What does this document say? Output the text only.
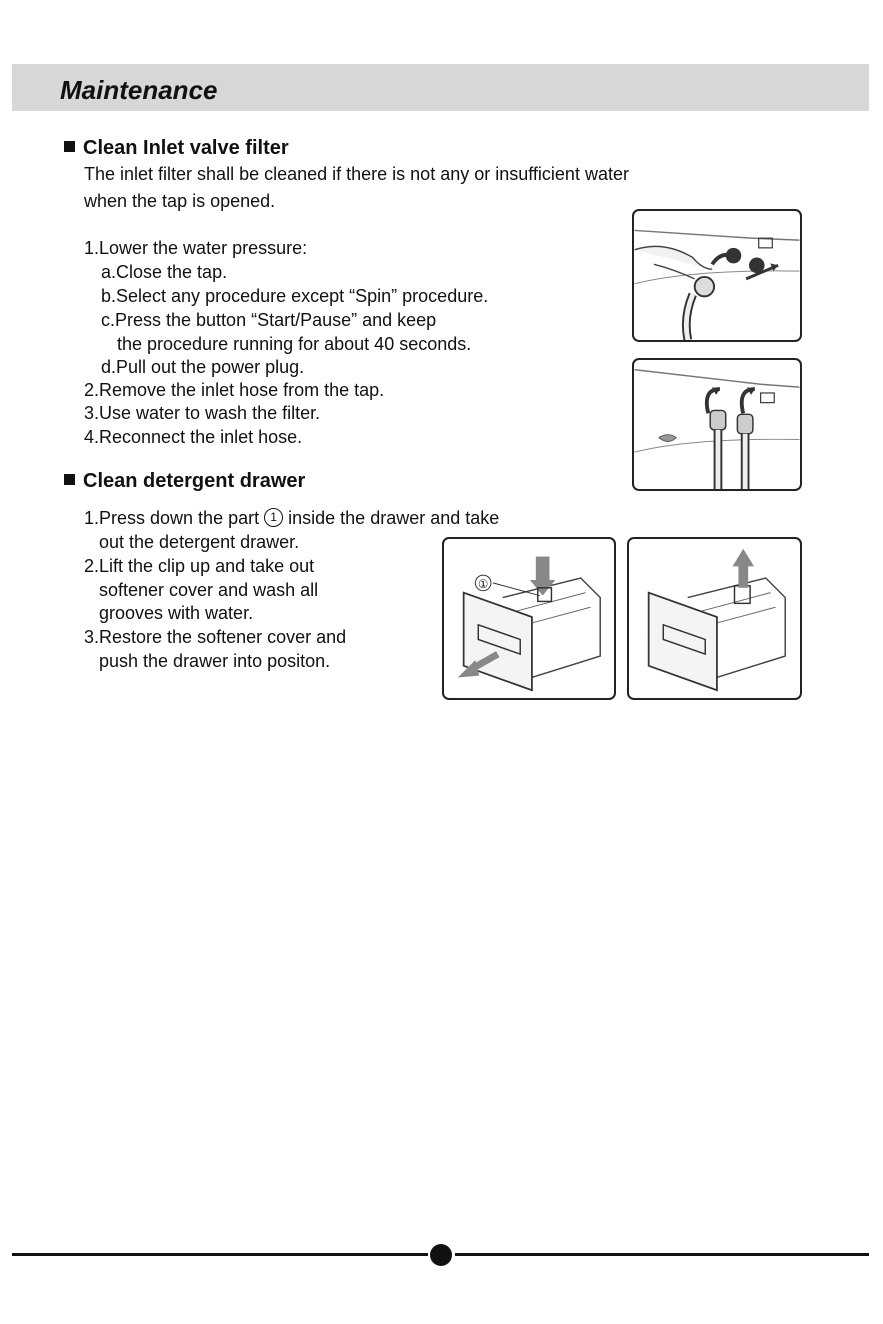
Maintenance
Clean Inlet valve filter

The inlet filter shall be cleaned if there is not any or insufficient water

when the tap is opened.

1.Lower the water pressure:

a.Close the tap.

b.Select any procedure except “Spin” procedure.

c.Press the button “Start/Pause” and keep

the procedure running for about 40 seconds.

d.Pull out the power plug.

2.Remove the inlet hose from the tap.

3.Use water to wash the filter.

4.Reconnect the inlet hose.

Clean detergent drawer

1.Press down the part 1 inside the drawer and take

out the detergent drawer.

2.Lift the clip up and take out

softener cover and wash all

grooves with water.

3.Restore the softener cover and

push the drawer into positon.

①
